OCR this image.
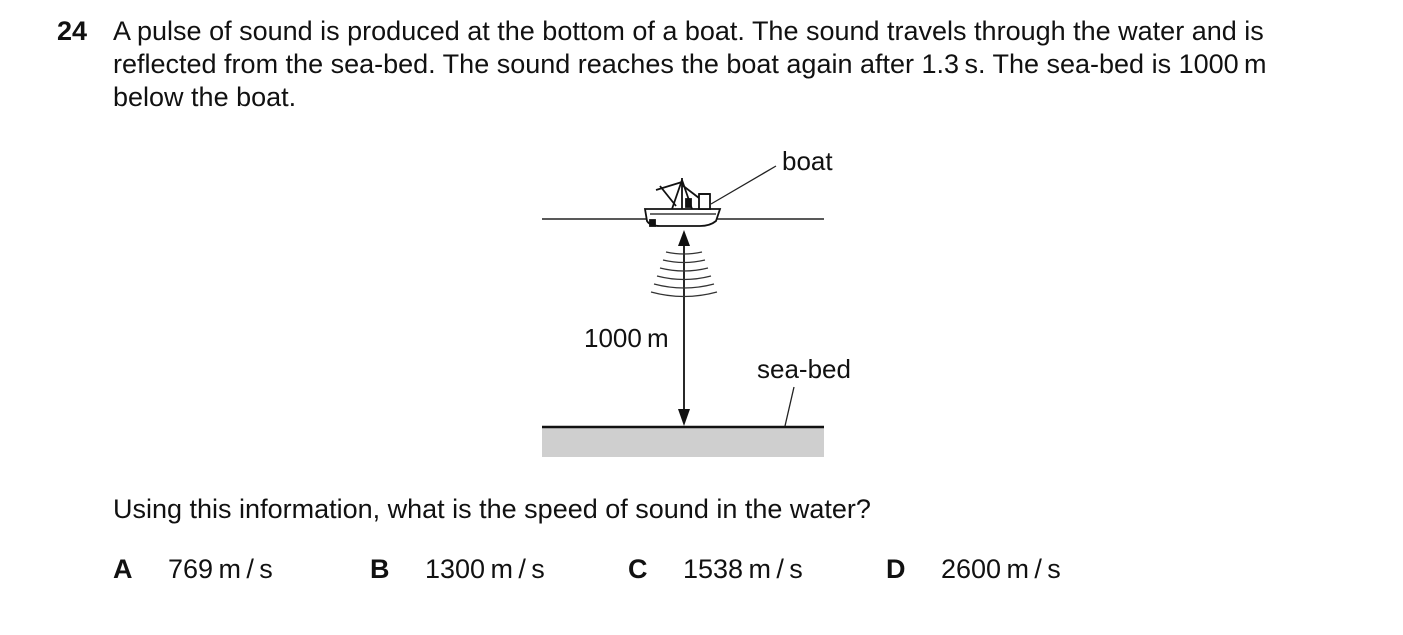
24 A pulse of sound is produced at the bottom of a boat. The sound travels through the water and is
reflected from the sea-bed. The sound reaches the boat again after 1.3 s. The sea-bed is 1000 m
below the boat.
boat
1000 m
sea-bed
Using this information, what is the speed of sound in the water?
A 769 m / s	B 1300 m / s	C 1538 m / s	D 2600 m / s
